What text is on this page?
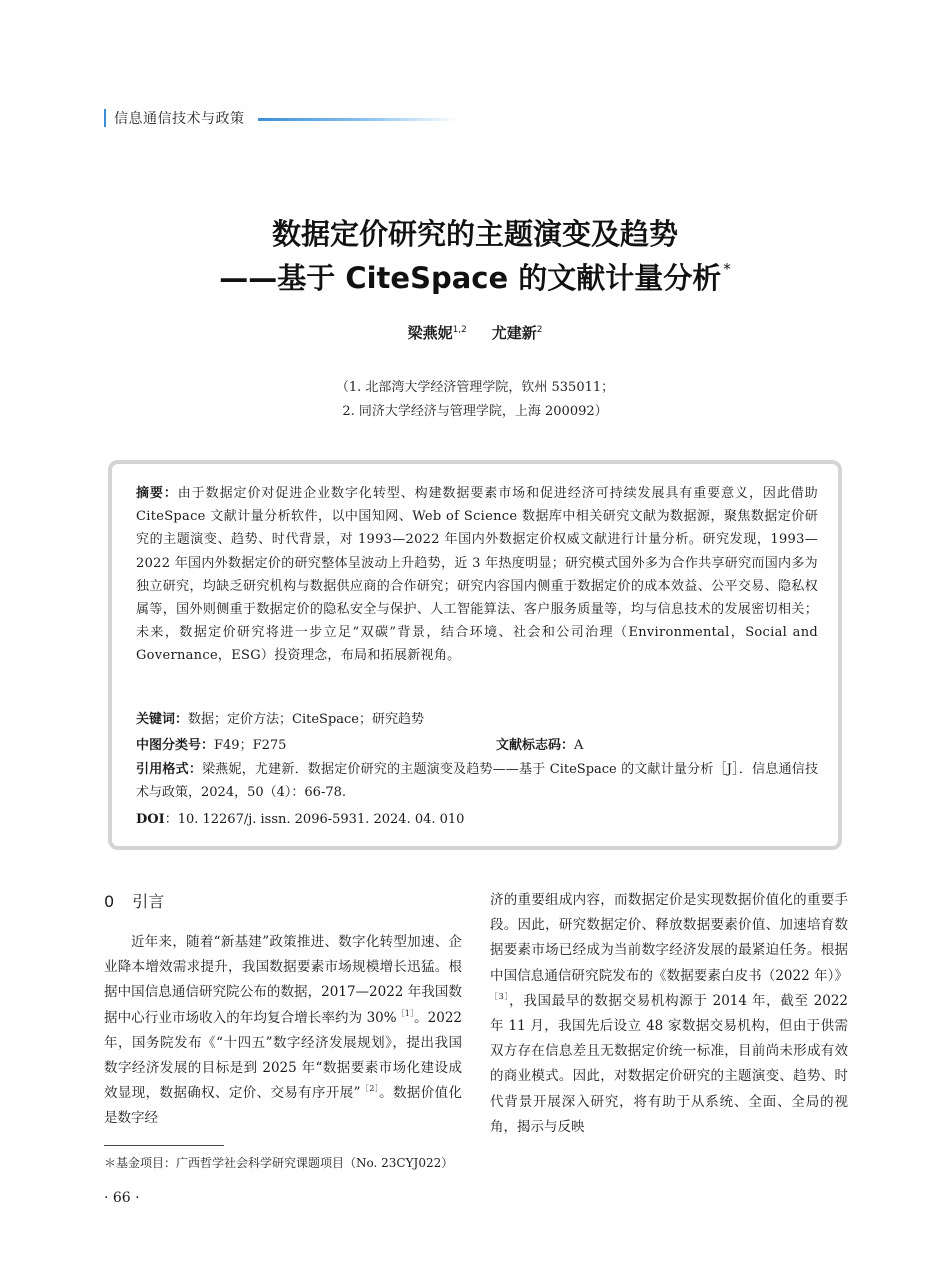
信息通信技术与政策
数据定价研究的主题演变及趋势
——基于 CiteSpace 的文献计量分析 *
梁燕妮$^{1,2}$ 尤建新$^2$
（1. 北部湾大学经济管理学院，钦州 535011；
2. 同济大学经济与管理学院，上海 200092）

摘要：由于数据定价对促进企业数字化转型、构建数据要素市场和促进经济可持续发展具有重要意义，因此借助 CiteSpace 文献计量分析软件，以中国知网、Web of Science 数据库中相关研究文献为数据源，聚焦数据定价研究的主题演变、趋势、时代背景，对 1993—2022 年国内外数据定价权威文献进行计量分析。研究发现，1993—2022 年国内外数据定价的研究整体呈波动上升趋势，近 3 年热度明显；研究模式国外多为合作共享研究而国内多为独立研究，均缺乏研究机构与数据供应商的合作研究；研究内容国内侧重于数据定价的成本效益、公平交易、隐私权属等，国外则侧重于数据定价的隐私安全与保护、人工智能算法、客户服务质量等，均与信息技术的发展密切相关；未来，数据定价研究将进一步立足“双碳”背景，结合环境、社会和公司治理（Environmental，Social and Governance，ESG）投资理念，布局和拓展新视角。

关键词：数据；定价方法；CiteSpace；研究趋势
中图分类号：F49；F275	文献标志码：A
引用格式：梁燕妮，尤建新．数据定价研究的主题演变及趋势——基于 CiteSpace 的文献计量分析［J］．信息通信技术与政策，2024，50（4）：66-78.
DOI：10. 12267/j. issn. 2096-5931. 2024. 04. 010
0 引言

近年来，随着“新基建”政策推进、数字化转型加速、企业降本增效需求提升，我国数据要素市场规模增长迅猛。根据中国信息通信研究院公布的数据，2017—2022 年我国数据中心行业市场收入的年均复合增长率约为 30%$^{[1]}$。2022 年，国务院发布《“十四五”数字经济发展规划》，提出我国数字经济发展的目标是到 2025 年“数据要素市场化建设成效显现，数据确权、定价、交易有序开展”$^{[2]}$。数据价值化是数字经

济的重要组成内容，而数据定价是实现数据价值化的重要手段。因此，研究数据定价、释放数据要素价值、加速培育数据要素市场已经成为当前数字经济发展的最紧迫任务。根据中国信息通信研究院发布的《数据要素白皮书（2022 年）》$^{[3]}$，我国最早的数据交易机构源于 2014 年，截至 2022 年 11 月，我国先后设立 48 家数据交易机构，但由于供需双方存在信息差且无数据定价统一标准，目前尚未形成有效的商业模式。因此，对数据定价研究的主题演变、趋势、时代背景开展深入研究，将有助于从系统、全面、全局的视角，揭示与反映

＊基金项目：广西哲学社会科学研究课题项目（No. 23CYJ022）
· 66 ·
